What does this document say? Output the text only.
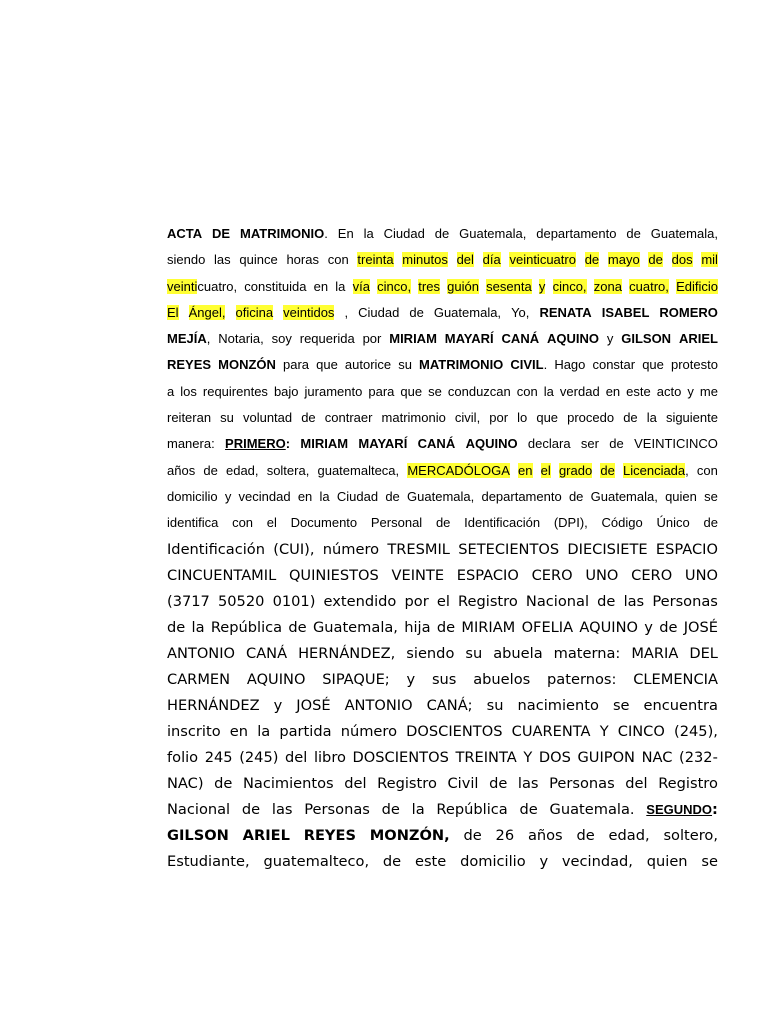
ACTA DE MATRIMONIO. En la Ciudad de Guatemala, departamento de Guatemala,
siendo las quince horas con treinta minutos del día veinticuatro de mayo de dos mil
veinticuatro, constituida en la vía cinco, tres guión sesenta y cinco, zona cuatro, Edificio
El Ángel, oficina veintidos , Ciudad de Guatemala, Yo, RENATA ISABEL ROMERO
MEJÍA, Notaria, soy requerida por MIRIAM MAYARÍ CANÁ AQUINO y GILSON ARIEL
REYES MONZÓN para que autorice su MATRIMONIO CIVIL. Hago constar que protesto
a los requirentes bajo juramento para que se conduzcan con la verdad en este acto y me
reiteran su voluntad de contraer matrimonio civil, por lo que procedo de la siguiente
manera: PRIMERO: MIRIAM MAYARÍ CANÁ AQUINO declara ser de VEINTICINCO
años de edad, soltera, guatemalteca, MERCADÓLOGA en el grado de Licenciada, con
domicilio y vecindad en la Ciudad de Guatemala, departamento de Guatemala, quien se
identifica con el Documento Personal de Identificación (DPI), Código Único de
Identificación (CUI), número TRESMIL SETECIENTOS DIECISIETE ESPACIO
CINCUENTAMIL QUINIESTOS VEINTE ESPACIO CERO UNO CERO UNO
(3717 50520 0101) extendido por el Registro Nacional de las Personas
de la República de Guatemala, hija de MIRIAM OFELIA AQUINO y de JOSÉ
ANTONIO CANÁ HERNÁNDEZ, siendo su abuela materna: MARIA DEL
CARMEN AQUINO SIPAQUE; y sus abuelos paternos: CLEMENCIA
HERNÁNDEZ y JOSÉ ANTONIO CANÁ; su nacimiento se encuentra
inscrito en la partida número DOSCIENTOS CUARENTA Y CINCO (245),
folio 245 (245) del libro DOSCIENTOS TREINTA Y DOS GUIPON NAC (232-
NAC) de Nacimientos del Registro Civil de las Personas del Registro
Nacional de las Personas de la República de Guatemala. SEGUNDO:
GILSON ARIEL REYES MONZÓN, de 26 años de edad, soltero,
Estudiante, guatemalteco, de este domicilio y vecindad, quien se
